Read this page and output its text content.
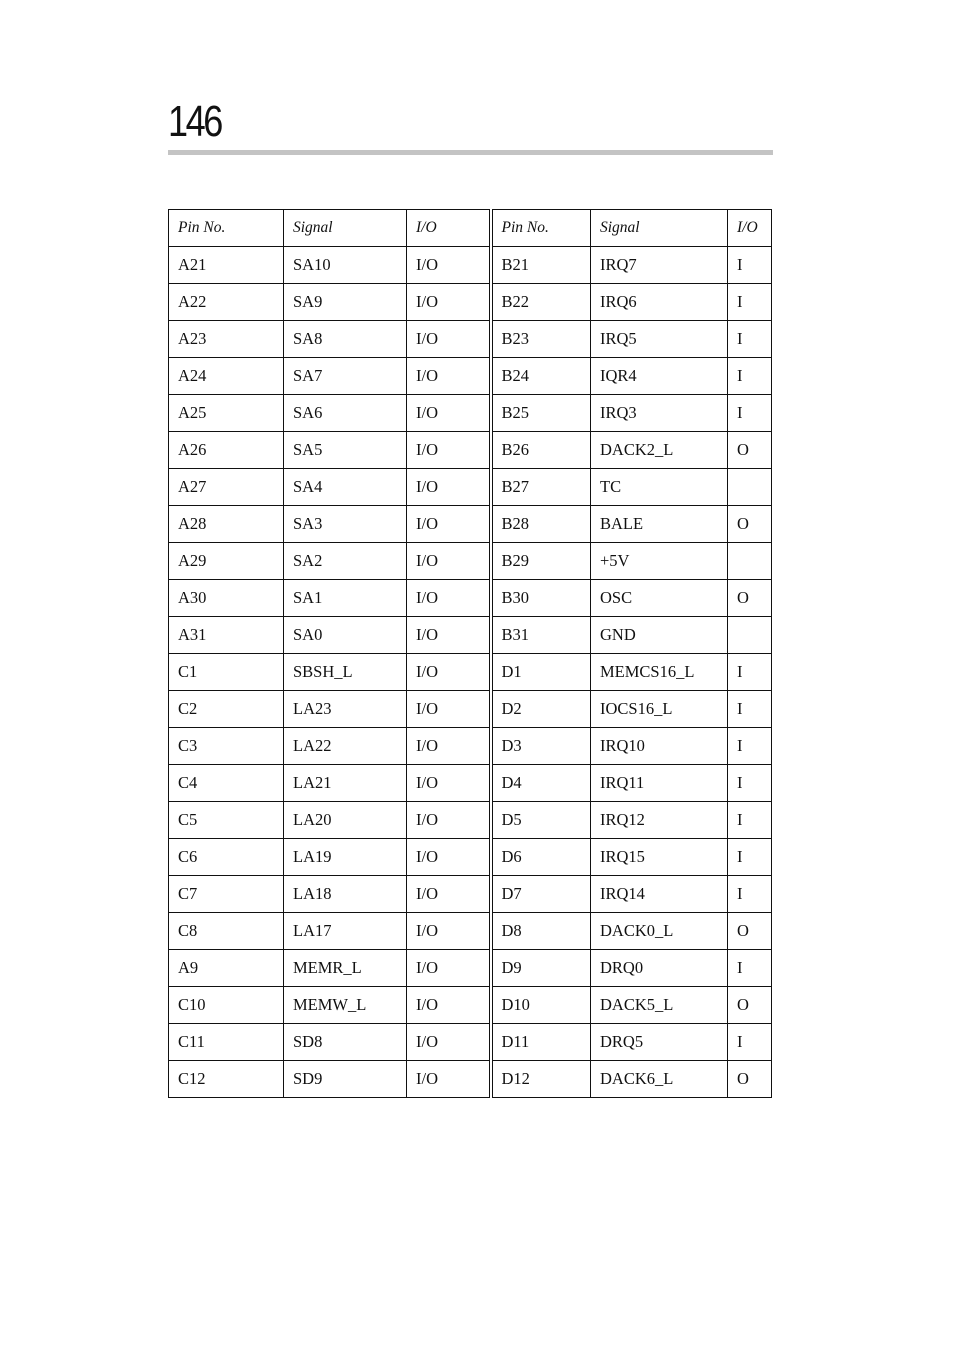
146
Pin No.	Signal	I/O	Pin No.	Signal	I/O
A21	SA10	I/O	B21	IRQ7	I
A22	SA9	I/O	B22	IRQ6	I
A23	SA8	I/O	B23	IRQ5	I
A24	SA7	I/O	B24	IQR4	I
A25	SA6	I/O	B25	IRQ3	I
A26	SA5	I/O	B26	DACK2_L	O
A27	SA4	I/O	B27	TC	
A28	SA3	I/O	B28	BALE	O
A29	SA2	I/O	B29	+5V	
A30	SA1	I/O	B30	OSC	O
A31	SA0	I/O	B31	GND	
C1	SBSH_L	I/O	D1	MEMCS16_L	I
C2	LA23	I/O	D2	IOCS16_L	I
C3	LA22	I/O	D3	IRQ10	I
C4	LA21	I/O	D4	IRQ11	I
C5	LA20	I/O	D5	IRQ12	I
C6	LA19	I/O	D6	IRQ15	I
C7	LA18	I/O	D7	IRQ14	I
C8	LA17	I/O	D8	DACK0_L	O
A9	MEMR_L	I/O	D9	DRQ0	I
C10	MEMW_L	I/O	D10	DACK5_L	O
C11	SD8	I/O	D11	DRQ5	I
C12	SD9	I/O	D12	DACK6_L	O
